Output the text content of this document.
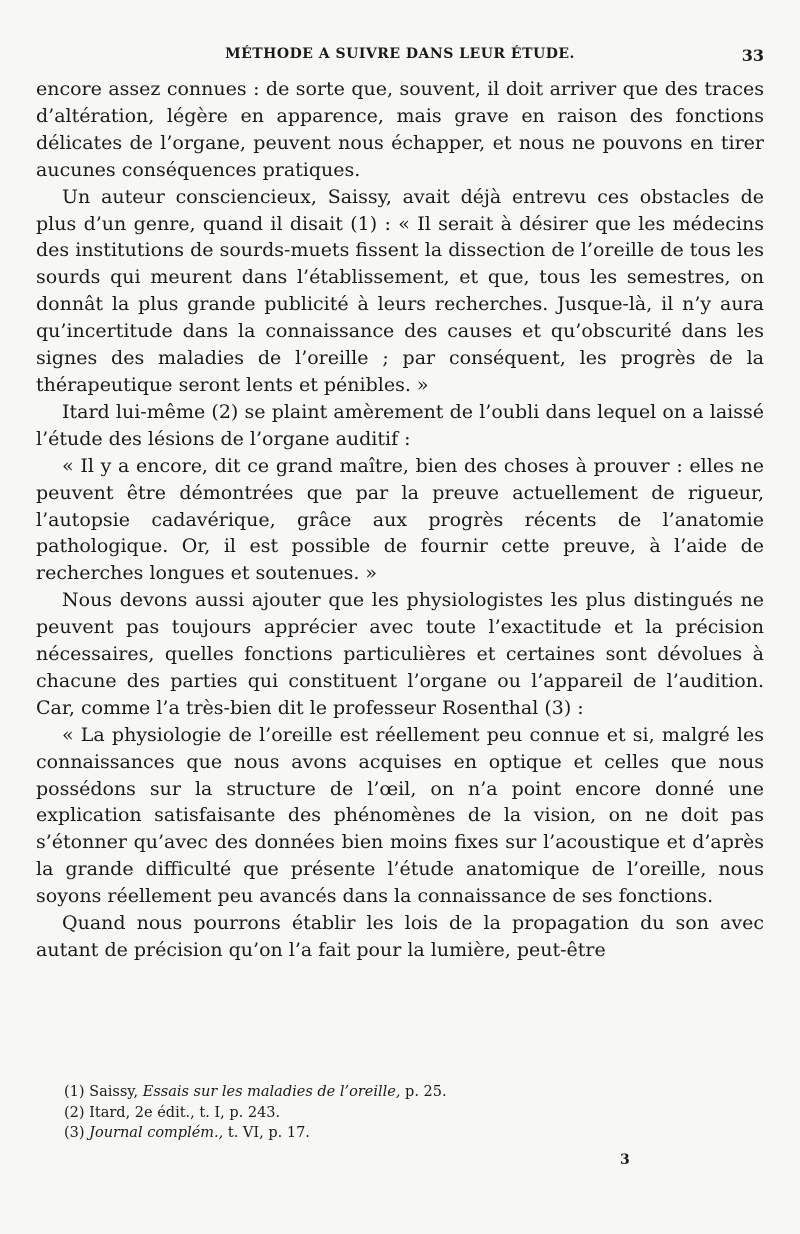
MÉTHODE A SUIVRE DANS LEUR ÉTUDE.	33

encore assez connues : de sorte que, souvent, il doit arriver que des traces d’altération, légère en apparence, mais grave en raison des fonctions délicates de l’organe, peuvent nous échapper, et nous ne pouvons en tirer aucunes conséquences pratiques.

Un auteur consciencieux, Saissy, avait déjà entrevu ces obstacles de plus d’un genre, quand il disait (1) : « Il serait à désirer que les médecins des institutions de sourds-muets fissent la dissection de l’oreille de tous les sourds qui meurent dans l’établissement, et que, tous les semestres, on donnât la plus grande publicité à leurs recherches. Jusque-là, il n’y aura qu’incertitude dans la connaissance des causes et qu’obscurité dans les signes des maladies de l’oreille ; par conséquent, les progrès de la thérapeutique seront lents et pénibles. »

Itard lui-même (2) se plaint amèrement de l’oubli dans lequel on a laissé l’étude des lésions de l’organe auditif :

« Il y a encore, dit ce grand maître, bien des choses à prouver : elles ne peuvent être démontrées que par la preuve actuellement de rigueur, l’autopsie cadavérique, grâce aux progrès récents de l’anatomie pathologique. Or, il est possible de fournir cette preuve, à l’aide de recherches longues et soutenues. »

Nous devons aussi ajouter que les physiologistes les plus distingués ne peuvent pas toujours apprécier avec toute l’exactitude et la précision nécessaires, quelles fonctions particulières et certaines sont dévolues à chacune des parties qui constituent l’organe ou l’appareil de l’audition. Car, comme l’a très-bien dit le professeur Rosenthal (3) :

« La physiologie de l’oreille est réellement peu connue et si, malgré les connaissances que nous avons acquises en optique et celles que nous possédons sur la structure de l’œil, on n’a point encore donné une explication satisfaisante des phénomènes de la vision, on ne doit pas s’étonner qu’avec des données bien moins fixes sur l’acoustique et d’après la grande difficulté que présente l’étude anatomique de l’oreille, nous soyons réellement peu avancés dans la connaissance de ses fonctions.

Quand nous pourrons établir les lois de la propagation du son avec autant de précision qu’on l’a fait pour la lumière, peut-être

(1) Saissy, Essais sur les maladies de l’oreille, p. 25.

(2) Itard, 2e édit., t. I, p. 243.

(3) Journal complém., t. VI, p. 17.

3
